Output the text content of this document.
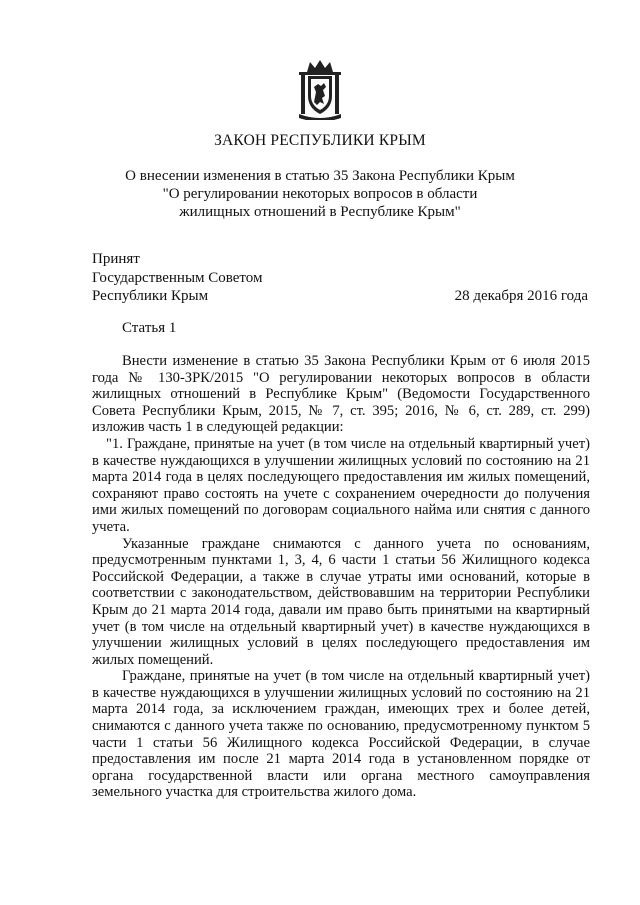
ЗАКОН РЕСПУБЛИКИ КРЫМ
О внесении изменения в статью 35 Закона Республики Крым
"О регулировании некоторых вопросов в области
жилищных отношений в Республике Крым"
Принят
Государственным Советом
Республики Крым	28 декабря 2016 года
Статья 1

Внести изменение в статью 35 Закона Республики Крым от 6 июля 2015 года № 130-ЗРК/2015 "О регулировании некоторых вопросов в области жилищных отношений в Республике Крым" (Ведомости Государственного Совета Республики Крым, 2015, № 7, ст. 395; 2016, № 6, ст. 289, ст. 299) изложив часть 1 в следующей редакции:

"1. Граждане, принятые на учет (в том числе на отдельный квартирный учет) в качестве нуждающихся в улучшении жилищных условий по состоянию на 21 марта 2014 года в целях последующего предоставления им жилых помещений, сохраняют право состоять на учете с сохранением очередности до получения ими жилых помещений по договорам социального найма или снятия с данного учета.

Указанные граждане снимаются с данного учета по основаниям, предусмотренным пунктами 1, 3, 4, 6 части 1 статьи 56 Жилищного кодекса Российской Федерации, а также в случае утраты ими оснований, которые в соответствии с законодательством, действовавшим на территории Республики Крым до 21 марта 2014 года, давали им право быть принятыми на квартирный учет (в том числе на отдельный квартирный учет) в качестве нуждающихся в улучшении жилищных условий в целях последующего предоставления им жилых помещений.

Граждане, принятые на учет (в том числе на отдельный квартирный учет) в качестве нуждающихся в улучшении жилищных условий по состоянию на 21 марта 2014 года, за исключением граждан, имеющих трех и более детей, снимаются с данного учета также по основанию, предусмотренному пунктом 5 части 1 статьи 56 Жилищного кодекса Российской Федерации, в случае предоставления им после 21 марта 2014 года в установленном порядке от органа государственной власти или органа местного самоуправления земельного участка для строительства жилого дома.
